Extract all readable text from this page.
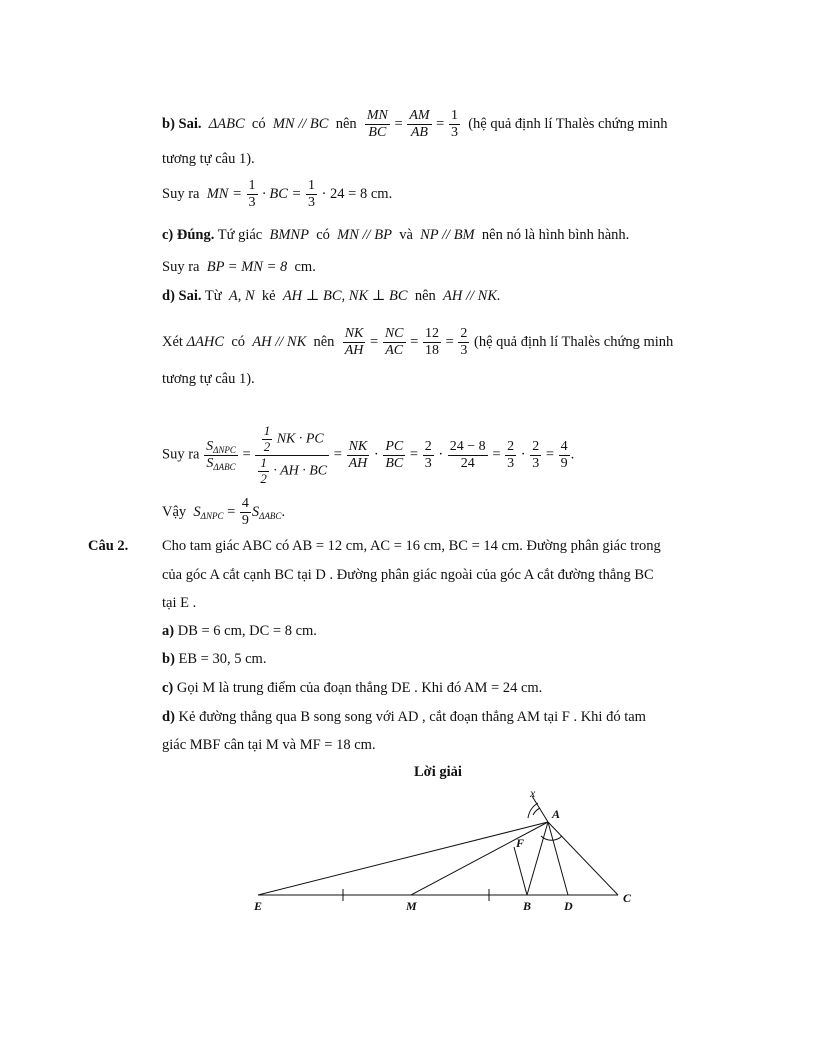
b) Sai. ΔABC có MN // BC nên $\frac{MN}{BC} = \frac{AM}{AB} = \frac{1}{3}$ (hệ quả định lí Thalès chứng minh
tương tự câu 1).
Suy ra MN = $\frac{1}{3}$ · BC = $\frac{1}{3} \cdot 24 = 8$ cm.
c) Đúng. Tứ giác BMNP có MN // BP và NP // BM nên nó là hình bình hành.
Suy ra BP = MN = 8 cm.
d) Sai. Từ A, N kẻ AH ⊥ BC, NK ⊥ BC nên AH // NK.
Xét ΔAHC có AH // NK nên $\frac{NK}{AH} = \frac{NC}{AC} = \frac{12}{18} = \frac{2}{3}$ (hệ quả định lí Thalès chứng minh
tương tự câu 1).
Suy ra $\frac{S_{\Delta NPC}}{S_{\Delta ABC}} = \frac{\frac{1}{2} NK \cdot PC}{\frac{1}{2} \cdot AH \cdot BC} = \frac{NK}{AH} \cdot \frac{PC}{BC} = \frac{2}{3} \cdot \frac{24 - 8}{24} = \frac{2}{3} \cdot \frac{2}{3} = \frac{4}{9}$ .
Vậy $S_{\Delta NPC} = \frac{4}{9} S_{\Delta ABC}$.
Câu 2. Cho tam giác ABC có AB = 12 cm, AC = 16 cm, BC = 14 cm. Đường phân giác trong
của góc A cắt cạnh BC tại D . Đường phân giác ngoài của góc A cắt đường thẳng BC
tại E .
a) DB = 6 cm, DC = 8 cm.
b) EB = 30, 5 cm.
c) Gọi M là trung điểm của đoạn thẳng DE . Khi đó AM = 24 cm.
d) Kẻ đường thẳng qua B song song với AD , cắt đoạn thẳng AM tại F . Khi đó tam
giác MBF cân tại M và MF = 18 cm.
Lời giải
x
A
F
E	M	B	D
C
